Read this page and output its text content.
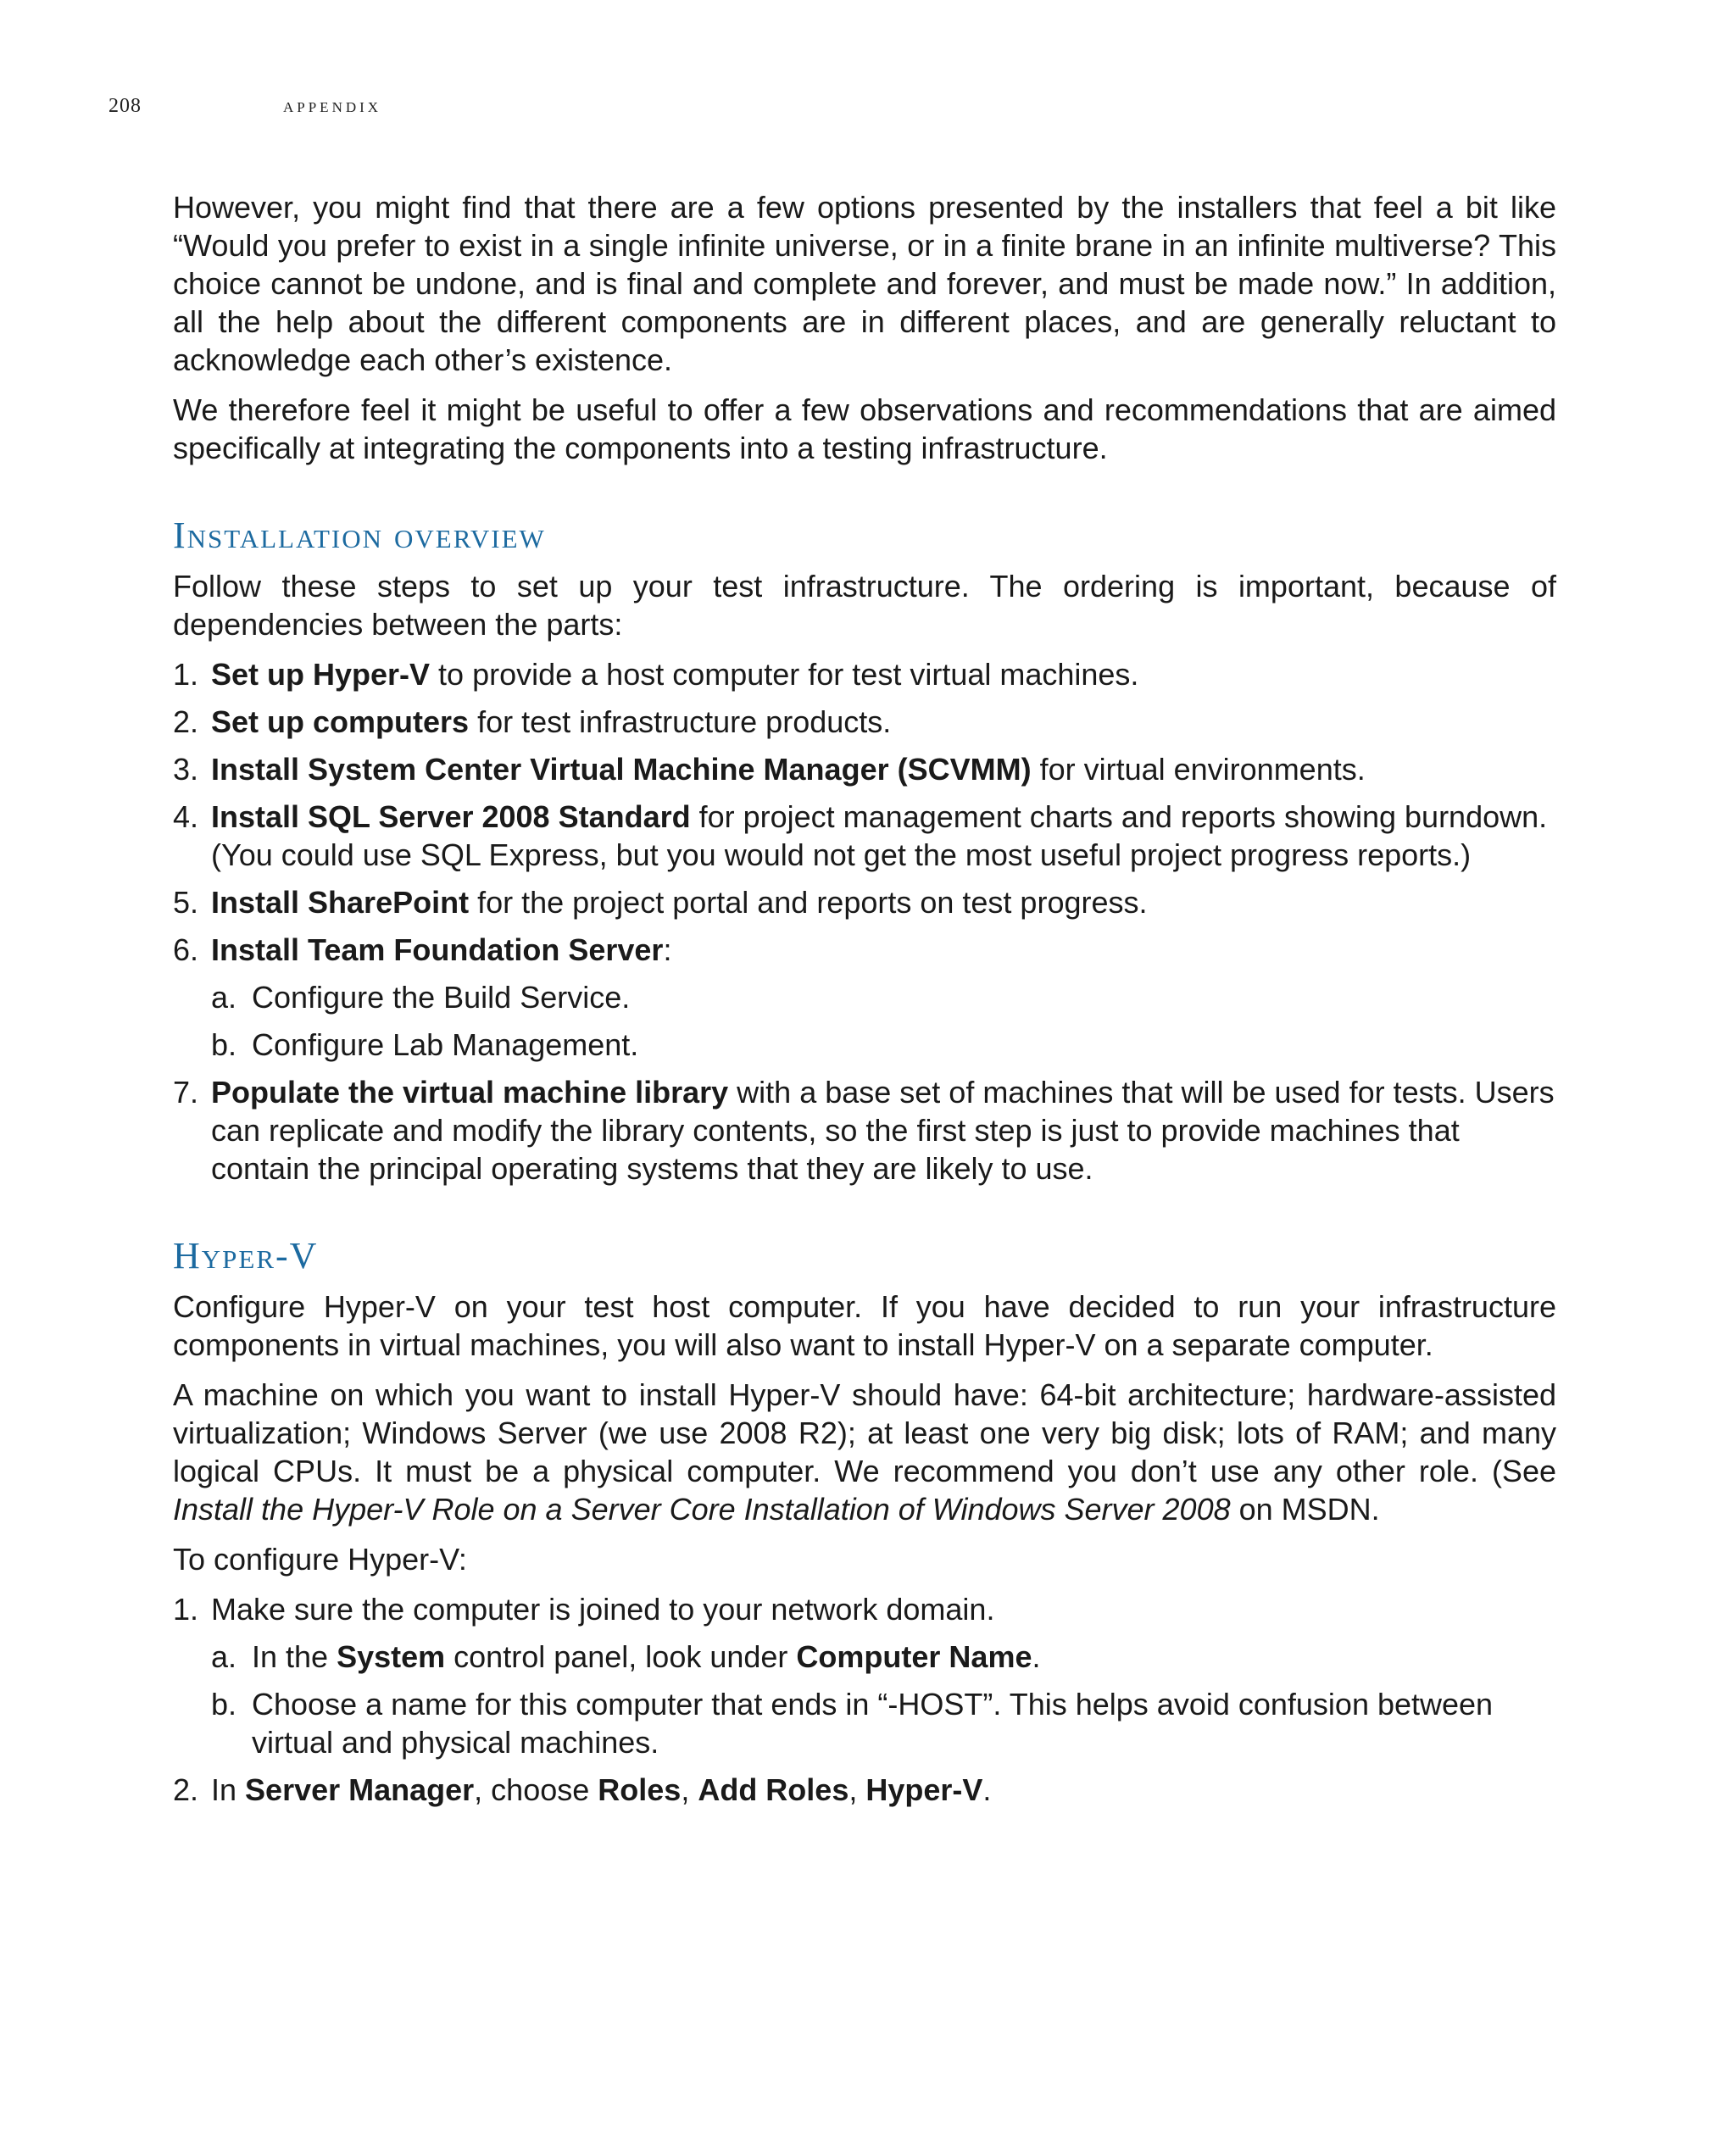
208	appendix

However, you might find that there are a few options presented by the installers that feel a bit like “Would you prefer to exist in a single infinite universe, or in a finite brane in an infinite multiverse? This choice cannot be undone, and is final and complete and forever, and must be made now.” In addition, all the help about the different components are in different places, and are generally reluctant to acknowledge each other’s existence.

We therefore feel it might be useful to offer a few observations and recommendations that are aimed specifically at integrating the components into a testing infrastructure.

Installation overview

Follow these steps to set up your test infrastructure. The ordering is important, because of dependencies between the parts:

1. Set up Hyper-V to provide a host computer for test virtual machines.
2. Set up computers for test infrastructure products.
3. Install System Center Virtual Machine Manager (SCVMM) for virtual environments.
4. Install SQL Server 2008 Standard for project management charts and reports showing burndown. (You could use SQL Express, but you would not get the most useful project progress reports.)
5. Install SharePoint for the project portal and reports on test progress.
6. Install Team Foundation Server:
a. Configure the Build Service.
b. Configure Lab Management.
7. Populate the virtual machine library with a base set of machines that will be used for tests. Users can replicate and modify the library contents, so the first step is just to provide machines that contain the principal operating systems that they are likely to use.
Hyper-V

Configure Hyper-V on your test host computer. If you have decided to run your infrastructure components in virtual machines, you will also want to install Hyper-V on a separate computer.

A machine on which you want to install Hyper-V should have: 64-bit architecture; hardware-assisted virtualization; Windows Server (we use 2008 R2); at least one very big disk; lots of RAM; and many logical CPUs. It must be a physical computer. We recommend you don’t use any other role. (See Install the Hyper-V Role on a Server Core Installation of Windows Server 2008 on MSDN.

To configure Hyper-V:

1. Make sure the computer is joined to your network domain.
a. In the System control panel, look under Computer Name.
b. Choose a name for this computer that ends in “-HOST”. This helps avoid confusion between virtual and physical machines.
2. In Server Manager, choose Roles, Add Roles, Hyper-V.
